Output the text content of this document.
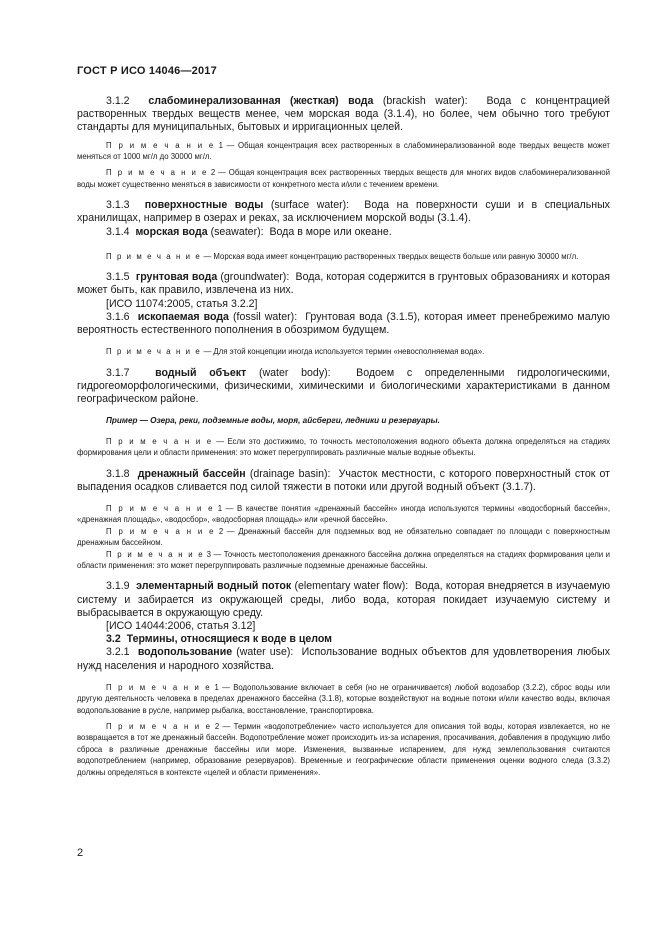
ГОСТ Р ИСО 14046—2017

3.1.2 слабоминерализованная (жесткая) вода (brackish water): Вода с концентрацией растворенных твердых веществ менее, чем морская вода (3.1.4), но более, чем обычно того требуют стандарты для муниципальных, бытовых и ирригационных целей.

П р и м е ч а н и е 1 — Общая концентрация всех растворенных в слабоминерализованной воде твердых веществ может меняться от 1000 мг/л до 30000 мг/л.

П р и м е ч а н и е 2 — Общая концентрация всех растворенных твердых веществ для многих видов слабоминерализованной воды может существенно меняться в зависимости от конкретного места и/или с течением времени.

3.1.3 поверхностные воды (surface water): Вода на поверхности суши и в специальных хранилищах, например в озерах и реках, за исключением морской воды (3.1.4).

3.1.4 морская вода (seawater): Вода в море или океане.

П р и м е ч а н и е — Морская вода имеет концентрацию растворенных твердых веществ больше или равную 30000 мг/л.

3.1.5 грунтовая вода (groundwater): Вода, которая содержится в грунтовых образованиях и которая может быть, как правило, извлечена из них.

[ИСО 11074:2005, статья 3.2.2]

3.1.6 ископаемая вода (fossil water): Грунтовая вода (3.1.5), которая имеет пренебрежимо малую вероятность естественного пополнения в обозримом будущем.

П р и м е ч а н и е — Для этой концепции иногда используется термин «невосполняемая вода».

3.1.7 водный объект (water body): Водоем с определенными гидрологическими, гидрогеоморфологическими, физическими, химическими и биологическими характеристиками в данном географическом районе.

Пример — Озера, реки, подземные воды, моря, айсберги, ледники и резервуары.

П р и м е ч а н и е — Если это достижимо, то точность местоположения водного объекта должна определяться на стадиях формирования цели и области применения: это может перегруппировать различные малые водные объекты.

3.1.8 дренажный бассейн (drainage basin): Участок местности, с которого поверхностный сток от выпадения осадков сливается под силой тяжести в потоки или другой водный объект (3.1.7).

П р и м е ч а н и е 1 — В качестве понятия «дренажный бассейн» иногда используются термины «водосборный бассейн», «дренажная площадь», «водосбор», «водосборная площадь» или «речной бассейн».

П р и м е ч а н и е 2 — Дренажный бассейн для подземных вод не обязательно совпадает по площади с поверхностным дренажным бассейном.

П р и м е ч а н и е 3 — Точность местоположения дренажного бассейна должна определяться на стадиях формирования цели и области применения: это может перегруппировать различные подземные дренажные бассейны.

3.1.9 элементарный водный поток (elementary water flow): Вода, которая внедряется в изучаемую систему и забирается из окружающей среды, либо вода, которая покидает изучаемую систему и выбрасывается в окружающую среду.

[ИСО 14044:2006, статья 3.12]

3.2 Термины, относящиеся к воде в целом

3.2.1 водопользование (water use): Использование водных объектов для удовлетворения любых нужд населения и народного хозяйства.

П р и м е ч а н и е 1 — Водопользование включает в себя (но не ограничивается) любой водозабор (3.2.2), сброс воды или другую деятельность человека в пределах дренажного бассейна (3.1.8), которые воздействуют на водные потоки и/или качество воды, включая водопользование в русле, например рыбалка, восстановление, транспортировка.

П р и м е ч а н и е 2 — Термин «водопотребление» часто используется для описания той воды, которая извлекается, но не возвращается в тот же дренажный бассейн. Водопотребление может происходить из-за испарения, просачивания, добавления в продукцию либо сброса в различные дренажные бассейны или море. Изменения, вызванные испарением, для нужд землепользования считаются водопотреблением (например, образование резервуаров). Временные и географические области применения оценки водного следа (3.3.2) должны определяться в контексте «целей и области применения».

2
